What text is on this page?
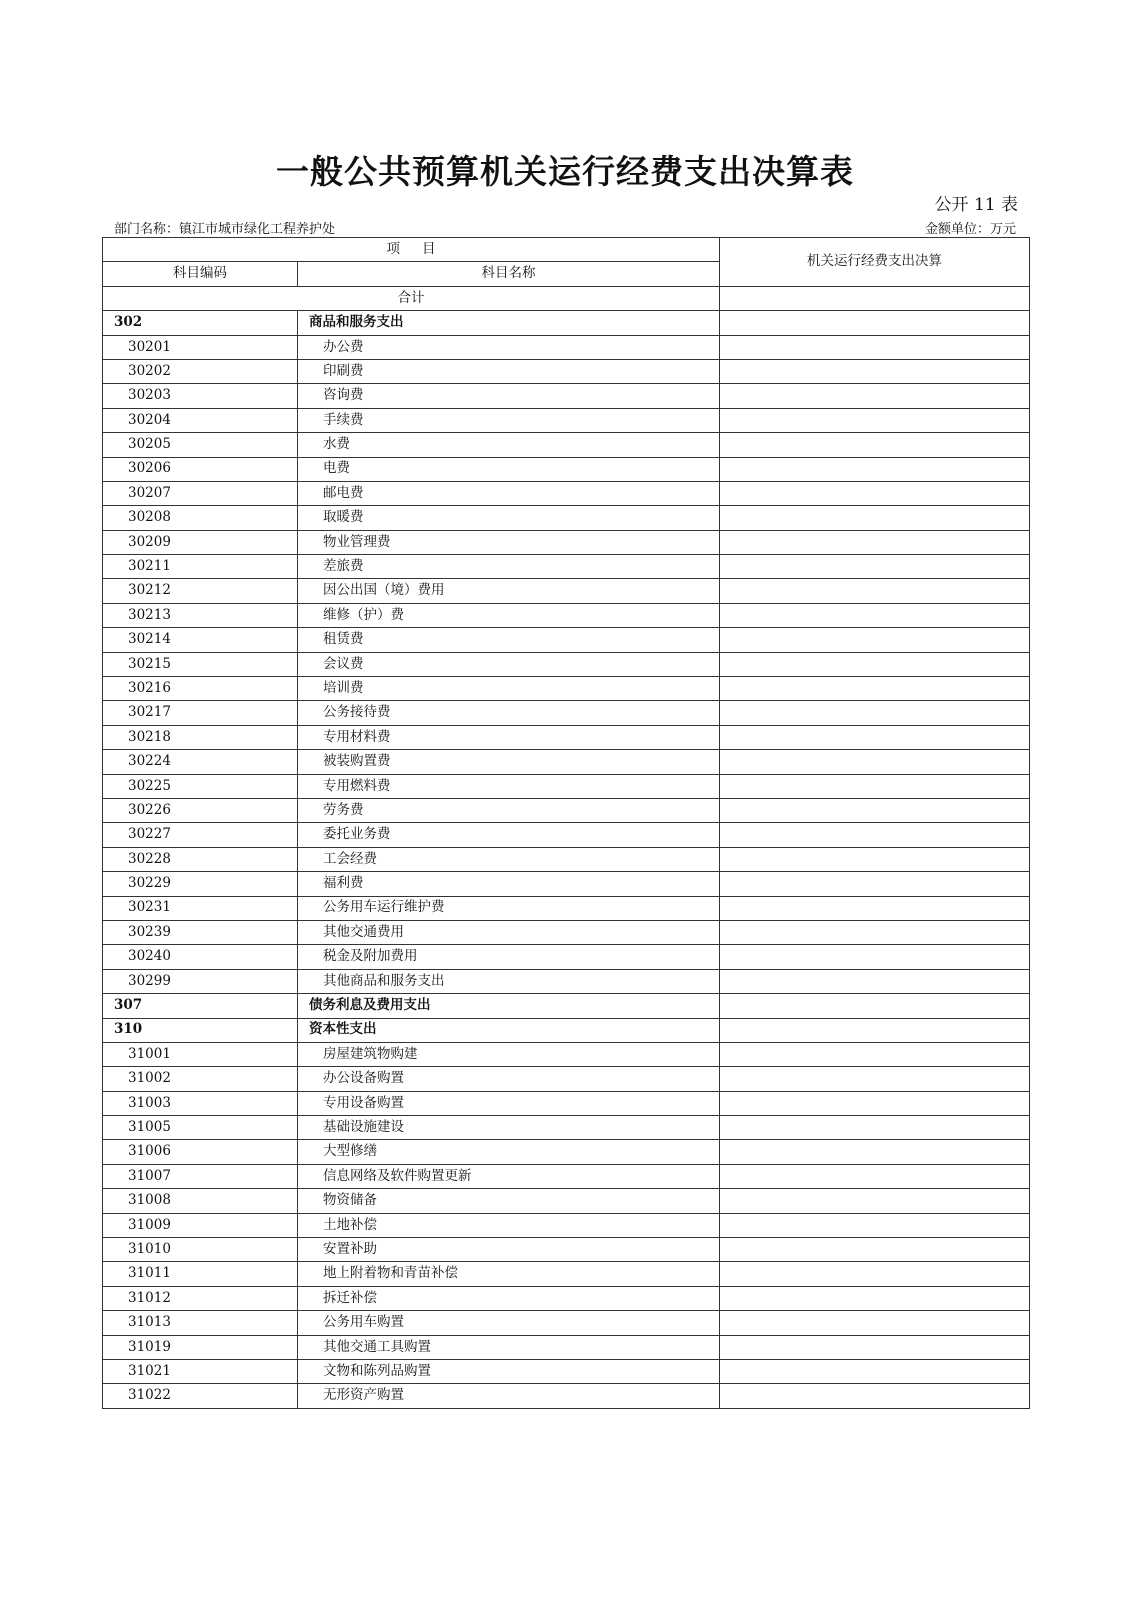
一般公共预算机关运行经费支出决算表
公开 11 表
部门名称：镇江市城市绿化工程养护处	金额单位：万元
项目		机关运行经费支出决算
科目编码	科目名称	
合计		
302	商品和服务支出	
30201	办公费	
30202	印刷费	
30203	咨询费	
30204	手续费	
30205	水费	
30206	电费	
30207	邮电费	
30208	取暖费	
30209	物业管理费	
30211	差旅费	
30212	因公出国（境）费用	
30213	维修（护）费	
30214	租赁费	
30215	会议费	
30216	培训费	
30217	公务接待费	
30218	专用材料费	
30224	被装购置费	
30225	专用燃料费	
30226	劳务费	
30227	委托业务费	
30228	工会经费	
30229	福利费	
30231	公务用车运行维护费	
30239	其他交通费用	
30240	税金及附加费用	
30299	其他商品和服务支出	
307	债务利息及费用支出	
310	资本性支出	
31001	房屋建筑物购建	
31002	办公设备购置	
31003	专用设备购置	
31005	基础设施建设	
31006	大型修缮	
31007	信息网络及软件购置更新	
31008	物资储备	
31009	土地补偿	
31010	安置补助	
31011	地上附着物和青苗补偿	
31012	拆迁补偿	
31013	公务用车购置	
31019	其他交通工具购置	
31021	文物和陈列品购置	
31022	无形资产购置	
